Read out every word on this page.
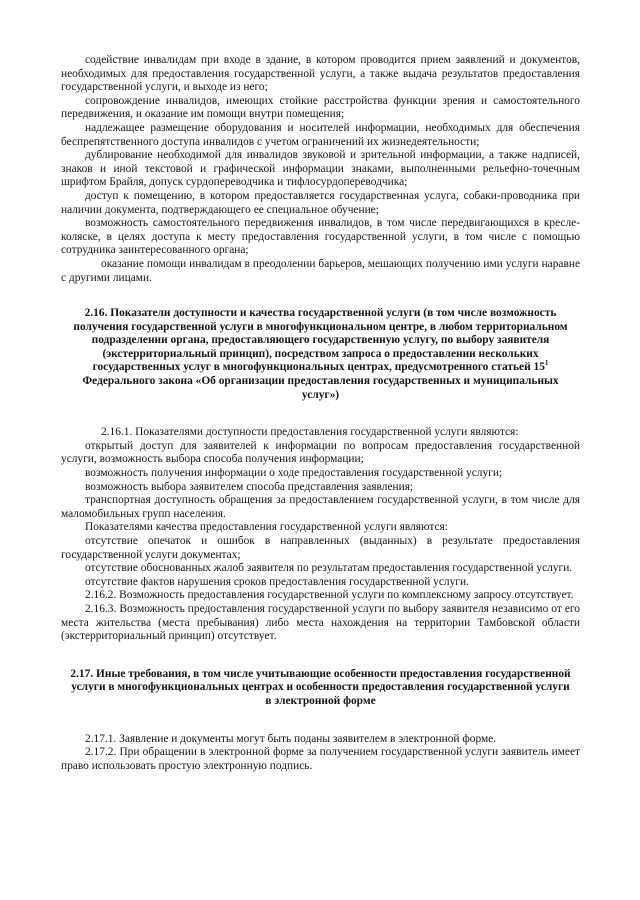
содействие инвалидам при входе в здание, в котором проводится прием заявлений и документов, необходимых для предоставления государственной услуги, а также выдача результатов предоставления государственной услуги, и выходе из него;

сопровождение инвалидов, имеющих стойкие расстройства функции зрения и самостоятельного передвижения, и оказание им помощи внутри помещения;

надлежащее размещение оборудования и носителей информации, необходимых для обеспечения беспрепятственного доступа инвалидов с учетом ограничений их жизнедеятельности;

дублирование необходимой для инвалидов звуковой и зрительной информации, а также надписей, знаков и иной текстовой и графической информации знаками, выполненными рельефно-точечным шрифтом Брайля, допуск сурдопереводчика и тифлосурдопереводчика;

доступ к помещению, в котором предоставляется государственная услуга, собаки-проводника при наличии документа, подтверждающего ее специальное обучение;

возможность самостоятельного передвижения инвалидов, в том числе передвигающихся в кресле-коляске, в целях доступа к месту предоставления государственной услуги, в том числе с помощью сотрудника заинтересованного органа;

оказание помощи инвалидам в преодолении барьеров, мешающих получению ими услуги наравне с другими лицами.

2.16. Показатели доступности и качества государственной услуги (в том числе возможность получения государственной услуги в многофункциональном центре, в любом территориальном подразделении органа, предоставляющего государственную услугу, по выбору заявителя (экстерриториальный принцип), посредством запроса о предоставлении нескольких государственных услуг в многофункциональных центрах, предусмотренного статьей $15^1$ Федерального закона «Об организации предоставления государственных и муниципальных услуг»)

2.16.1. Показателями доступности предоставления государственной услуги являются:

открытый доступ для заявителей к информации по вопросам предоставления государственной услуги, возможность выбора способа получения информации;

возможность получения информации о ходе предоставления государственной услуги;

возможность выбора заявителем способа представления заявления;

транспортная доступность обращения за предоставлением государственной услуги, в том числе для маломобильных групп населения.

Показателями качества предоставления государственной услуги являются:

отсутствие опечаток и ошибок в направленных (выданных) в результате предоставления государственной услуги документах;

отсутствие обоснованных жалоб заявителя по результатам предоставления государственной услуги.

отсутствие фактов нарушения сроков предоставления государственной услуги.

2.16.2. Возможность предоставления государственной услуги по комплексному запросу отсутствует.

2.16.3. Возможность предоставления государственной услуги по выбору заявителя независимо от его места жительства (места пребывания) либо места нахождения на территории Тамбовской области (экстерриториальный принцип) отсутствует.

2.17. Иные требования, в том числе учитывающие особенности предоставления государственной услуги в многофункциональных центрах и особенности предоставления государственной услуги в электронной форме

2.17.1. Заявление и документы могут быть поданы заявителем в электронной форме.

2.17.2. При обращении в электронной форме за получением государственной услуги заявитель имеет право использовать простую электронную подпись.
